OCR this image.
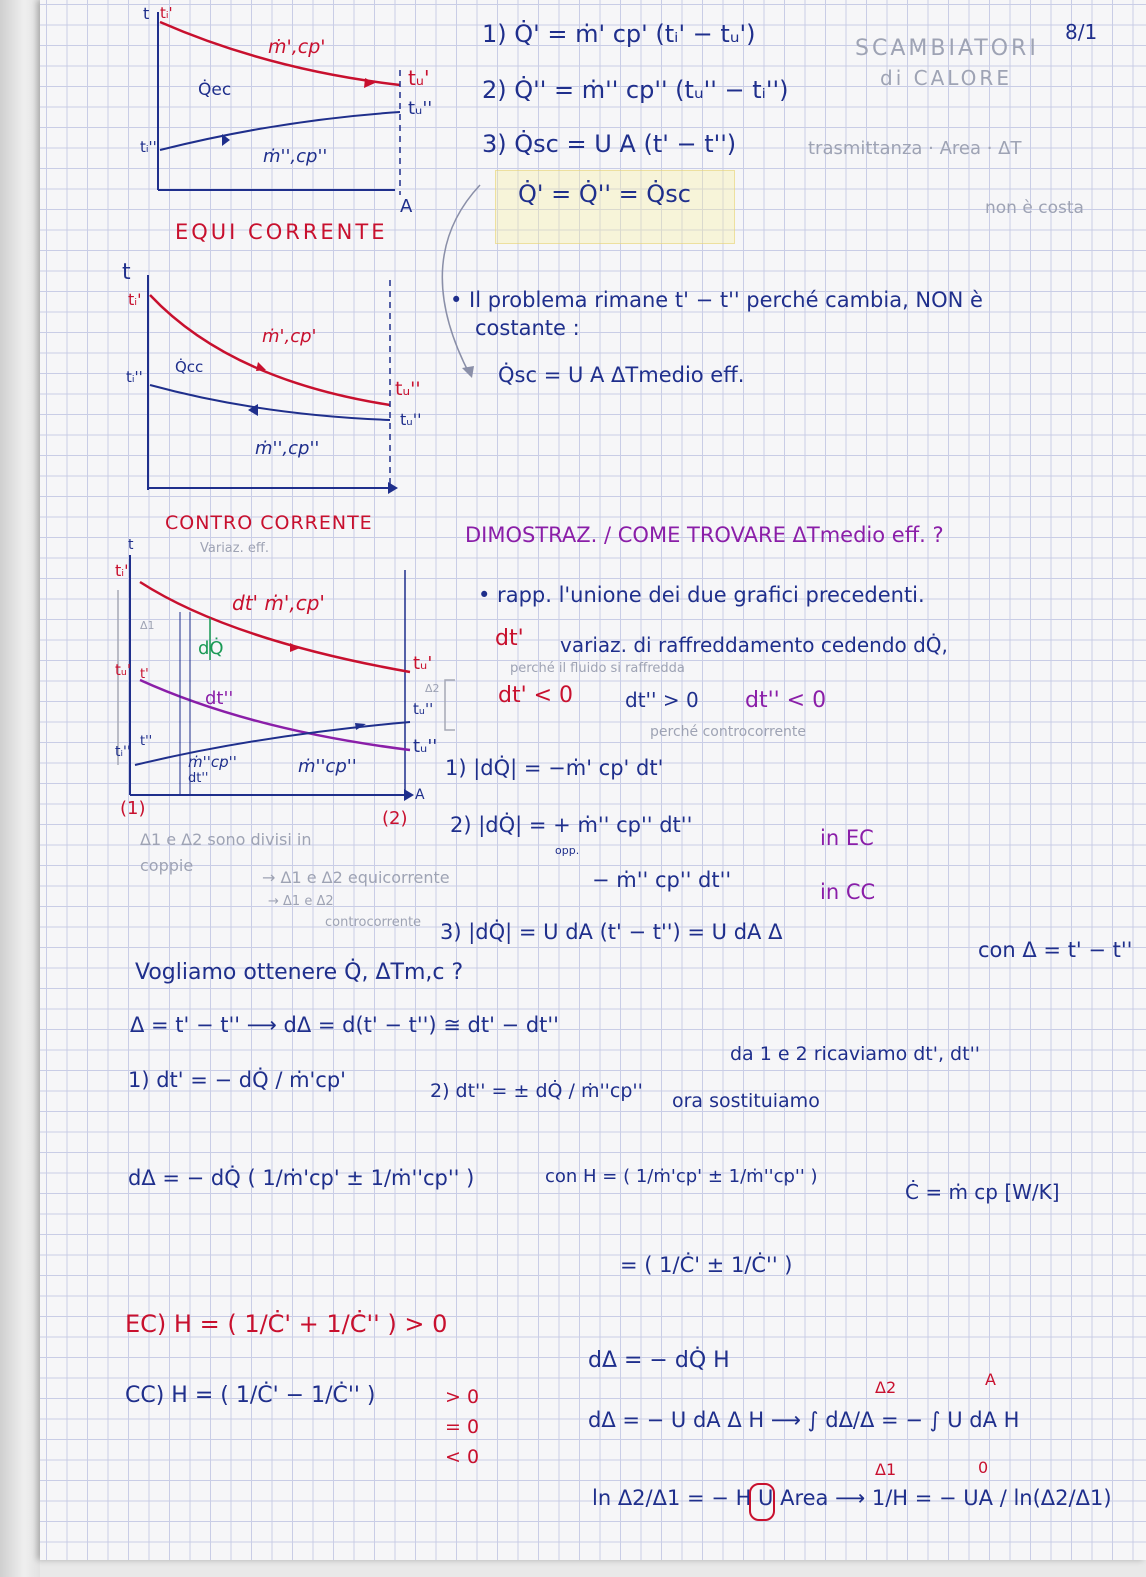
t tᵢ'
ṁ',cp'
Q̇ec
tᵢ''	ṁ'',cp''
tᵤ'
tᵤ''
A
EQUI CORRENTE
t
tᵢ'
tᵢ''
ṁ',cp'
Q̇cc
ṁ'',cp''
tᵤ''
tᵤ''
CONTRO CORRENTE
Variaz. eff.
t
tᵢ'
tᵤ' t'
tᵢ''
t''
dt' ṁ',cp'
dQ̇
dt''
ṁ''cp''
dt''
ṁ''cp''
tᵤ'
tᵤ''
tᵤ''
Δ2
Δ1
(1)	(2)
A
SCAMBIATORI
di CALORE
8/1
trasmittanza · Area · ΔT
non è costa
1) Q̇' = ṁ' cp' (tᵢ' − tᵤ')
2) Q̇'' = ṁ'' cp'' (tᵤ'' − tᵢ'')
3) Q̇sc = U A (t' − t'')
Q̇' = Q̇'' = Q̇sc
• Il problema rimane t' − t'' perché cambia, NON è
costante :
Q̇sc = U A ΔTmedio eff.
DIMOSTRAZ. / COME TROVARE ΔTmedio eff. ?
• rapp. l'unione dei due grafici precedenti.
dt' variaz. di raffreddamento cedendo dQ̇,
perché il fluido si raffredda
dt' < 0	dt'' > 0 dt'' < 0
perché controcorrente
1) |dQ̇| = −ṁ' cp' dt'
2) |dQ̇| = + ṁ'' cp'' dt''
in EC
opp.
− ṁ'' cp'' dt''	in CC
3) |dQ̇| = U dA (t' − t'') = U dA Δ
con Δ = t' − t''
Δ1 e Δ2 sono divisi in
coppie
→ Δ1 e Δ2 equicorrente
→ Δ1 e Δ2
controcorrente
Vogliamo ottenere Q̇, ΔTm,c ?
Δ = t' − t'' ⟶ dΔ = d(t' − t'') ≅ dt' − dt''
da 1 e 2 ricaviamo dt', dt''
1) dt' = − dQ̇ / ṁ'cp'	2) dt'' = ± dQ̇ / ṁ''cp'' ora sostituiamo
dΔ = − dQ̇ ( 1/ṁ'cp' ± 1/ṁ''cp'' )	con H = ( 1/ṁ'cp' ± 1/ṁ''cp'' )
Ċ = ṁ cp [W/K]
= ( 1/Ċ' ± 1/Ċ'' )
EC) H = ( 1/Ċ' + 1/Ċ'' ) > 0
CC) H = ( 1/Ċ' − 1/Ċ'' )	> 0
= 0
< 0
dΔ = − dQ̇ H
dΔ = − U dA Δ H ⟶ ∫ dΔ/Δ = − ∫ U dA H
Δ2
Δ1
A
0
ln Δ2/Δ1 = − H U Area ⟶ 1/H = − UA / ln(Δ2/Δ1)
